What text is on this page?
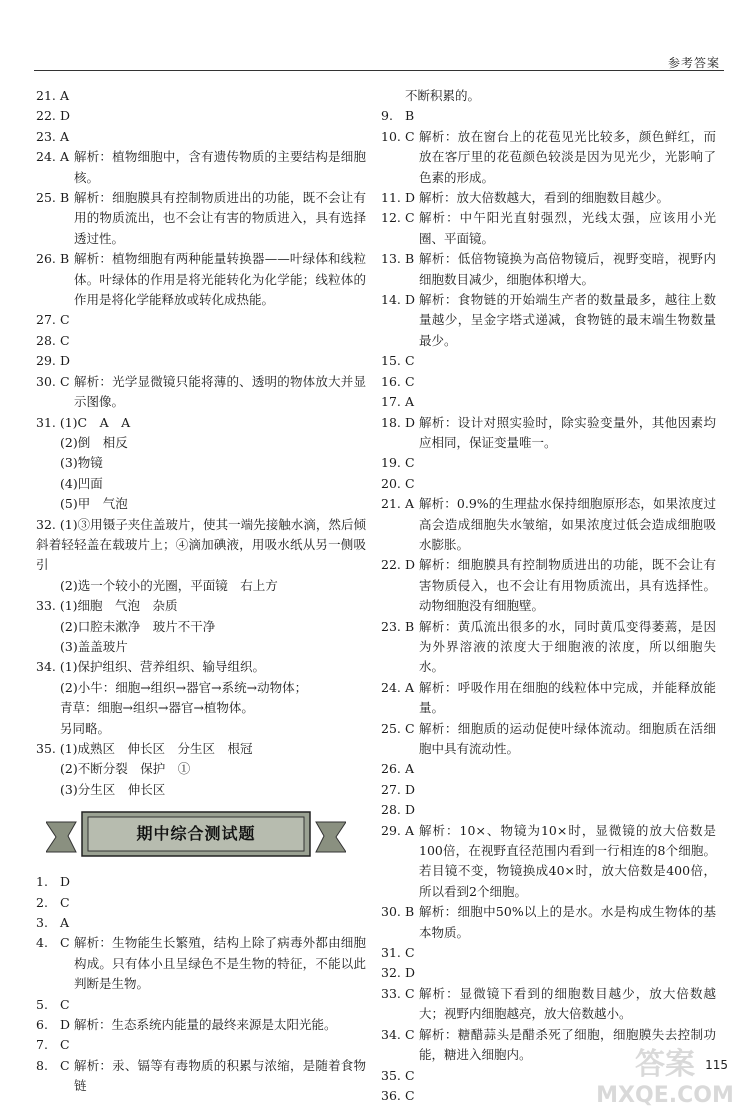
参考答案
21. A
22. D
23. A
24. A 解析：植物细胞中，含有遗传物质的主要结构是细胞核。
25. B 解析：细胞膜具有控制物质进出的功能，既不会让有用的物质流出，也不会让有害的物质进入，具有选择透过性。
26. B 解析：植物细胞有两种能量转换器——叶绿体和线粒体。叶绿体的作用是将光能转化为化学能；线粒体的作用是将化学能释放或转化成热能。
27. C
28. C
29. D
30. C 解析：光学显微镜只能将薄的、透明的物体放大并显示图像。
31. (1)C　A　A
(2)倒　相反
(3)物镜
(4)凹面
(5)甲　气泡
32. (1)③用镊子夹住盖玻片，使其一端先接触水滴，然后倾斜着轻轻盖在载玻片上；④滴加碘液，用吸水纸从另一侧吸引
(2)选一个较小的光圈，平面镜　右上方
33. (1)细胞　气泡　杂质
(2)口腔未漱净　玻片不干净
(3)盖盖玻片
34. (1)保护组织、营养组织、输导组织。
(2)小牛：细胞→组织→器官→系统→动物体；
青草：细胞→组织→器官→植物体。
另同略。
35. (1)成熟区　伸长区　分生区　根冠
(2)不断分裂　保护　①
(3)分生区　伸长区
期中综合测试题
1. D
2. C
3. A
4. C 解析：生物能生长繁殖，结构上除了病毒外都由细胞构成。只有体小且呈绿色不是生物的特征，不能以此判断是生物。
5. C
6. D 解析：生态系统内能量的最终来源是太阳光能。
7. C
8. C 解析：汞、镉等有毒物质的积累与浓缩，是随着食物链
不断积累的。
9. B
10. C 解析：放在窗台上的花苞见光比较多，颜色鲜红，而放在客厅里的花苞颜色较淡是因为见光少，光影响了色素的形成。
11. D 解析：放大倍数越大，看到的细胞数目越少。
12. C 解析：中午阳光直射强烈，光线太强，应该用小光圈、平面镜。
13. B 解析：低倍物镜换为高倍物镜后，视野变暗，视野内细胞数目减少，细胞体积增大。
14. D 解析：食物链的开始端生产者的数量最多，越往上数量越少，呈金字塔式递减，食物链的最末端生物数量最少。
15. C
16. C
17. A
18. D 解析：设计对照实验时，除实验变量外，其他因素均应相同，保证变量唯一。
19. C
20. C
21. A 解析：0.9%的生理盐水保持细胞原形态，如果浓度过高会造成细胞失水皱缩，如果浓度过低会造成细胞吸水膨胀。
22. D 解析：细胞膜具有控制物质进出的功能，既不会让有害物质侵入，也不会让有用物质流出，具有选择性。动物细胞没有细胞壁。
23. B 解析：黄瓜流出很多的水，同时黄瓜变得萎蔫，是因为外界溶液的浓度大于细胞液的浓度，所以细胞失水。
24. A 解析：呼吸作用在细胞的线粒体中完成，并能释放能量。
25. C 解析：细胞质的运动促使叶绿体流动。细胞质在活细胞中具有流动性。
26. A
27. D
28. D
29. A 解析：10×、物镜为10×时，显微镜的放大倍数是100倍，在视野直径范围内看到一行相连的8个细胞。若目镜不变，物镜换成40×时，放大倍数是400倍，所以看到2个细胞。
30. B 解析：细胞中50%以上的是水。水是构成生物体的基本物质。
31. C
32. D
33. C 解析：显微镜下看到的细胞数目越少，放大倍数越大；视野内细胞越亮，放大倍数越小。
34. C 解析：糖醋蒜头是醋杀死了细胞，细胞膜失去控制功能，糖进入细胞内。
35. C
36. C
115
答案
MXQE.COM
